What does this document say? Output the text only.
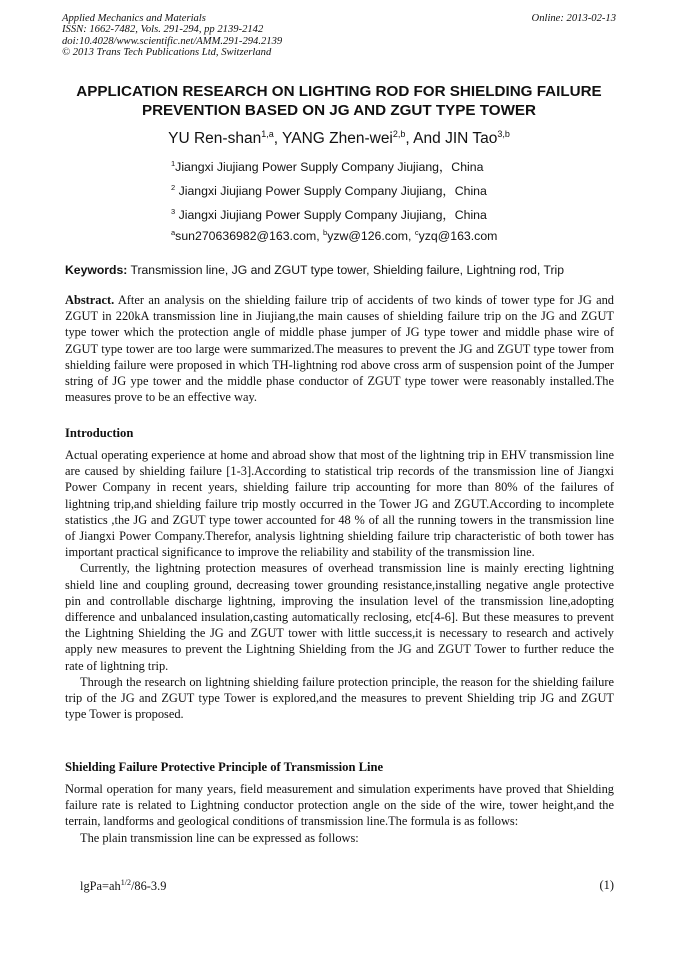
Applied Mechanics and Materials
ISSN: 1662-7482, Vols. 291-294, pp 2139-2142
doi:10.4028/www.scientific.net/AMM.291-294.2139
© 2013 Trans Tech Publications Ltd, Switzerland
Online: 2013-02-13
APPLICATION RESEARCH ON LIGHTING ROD FOR SHIELDING FAILURE
PREVENTION BASED ON JG AND ZGUT TYPE TOWER
YU Ren-shan$^{1,a}$, YANG Zhen-wei$^{2,b}$, And JIN Tao$^{3,b}$
$^1$Jiangxi Jiujiang Power Supply Company Jiujiang，China
$^2$ Jiangxi Jiujiang Power Supply Company Jiujiang，China
$^3$ Jiangxi Jiujiang Power Supply Company Jiujiang，China
$^a$sun270636982@163.com, $^b$yzw@126.com, $^c$yzq@163.com
Keywords: Transmission line, JG and ZGUT type tower, Shielding failure, Lightning rod, Trip

Abstract. After an analysis on the shielding failure trip of accidents of two kinds of tower type for JG and ZGUT in 220kA transmission line in Jiujiang,the main causes of shielding failure trip on the JG and ZGUT type tower which the protection angle of middle phase jumper of JG type tower and middle phase wire of ZGUT type tower are too large were summarized.The measures to prevent the JG and ZGUT type tower from shielding failure were proposed in which TH-lightning rod above cross arm of suspension point of the Jumper string of JG ype tower and the middle phase conductor of ZGUT type tower were reasonably installed.The measures prove to be an effective way.

Introduction

Actual operating experience at home and abroad show that most of the lightning trip in EHV transmission line are caused by shielding failure [1-3].According to statistical trip records of the transmission line of Jiangxi Power Company in recent years, shielding failure trip accounting for more than 80% of the failures of lightning trip,and shielding failure trip mostly occurred in the Tower JG and ZGUT.According to incomplete statistics ,the JG and ZGUT type tower accounted for 48 % of all the running towers in the transmission line of Jiangxi Power Company.Therefor, analysis lightning shielding failure trip characteristic of both tower has important practical significance to improve the reliability and stability of the transmission line.

Currently, the lightning protection measures of overhead transmission line is mainly erecting lightning shield line and coupling ground, decreasing tower grounding resistance,installing negative angle protective pin and controllable discharge lightning, improving the insulation level of the transmission line,adopting difference and unbalanced insulation,casting automatically reclosing, etc[4-6]. But these measures to prevent the Lightning Shielding the JG and ZGUT tower with little success,it is necessary to research and actively apply new measures to prevent the Lightning Shielding from the JG and ZGUT Tower to further reduce the rate of lightning trip.

Through the research on lightning shielding failure protection principle, the reason for the shielding failure trip of the JG and ZGUT type Tower is explored,and the measures to prevent Shielding trip JG and ZGUT type Tower is proposed.

Shielding Failure Protective Principle of Transmission Line

Normal operation for many years, field measurement and simulation experiments have proved that Shielding failure rate is related to Lightning conductor protection angle on the side of the wire, tower height,and the terrain, landforms and geological conditions of transmission line.The formula is as follows:

The plain transmission line can be expressed as follows:

$lgPa=ah^{1/2}/86-3.9$	(1)
